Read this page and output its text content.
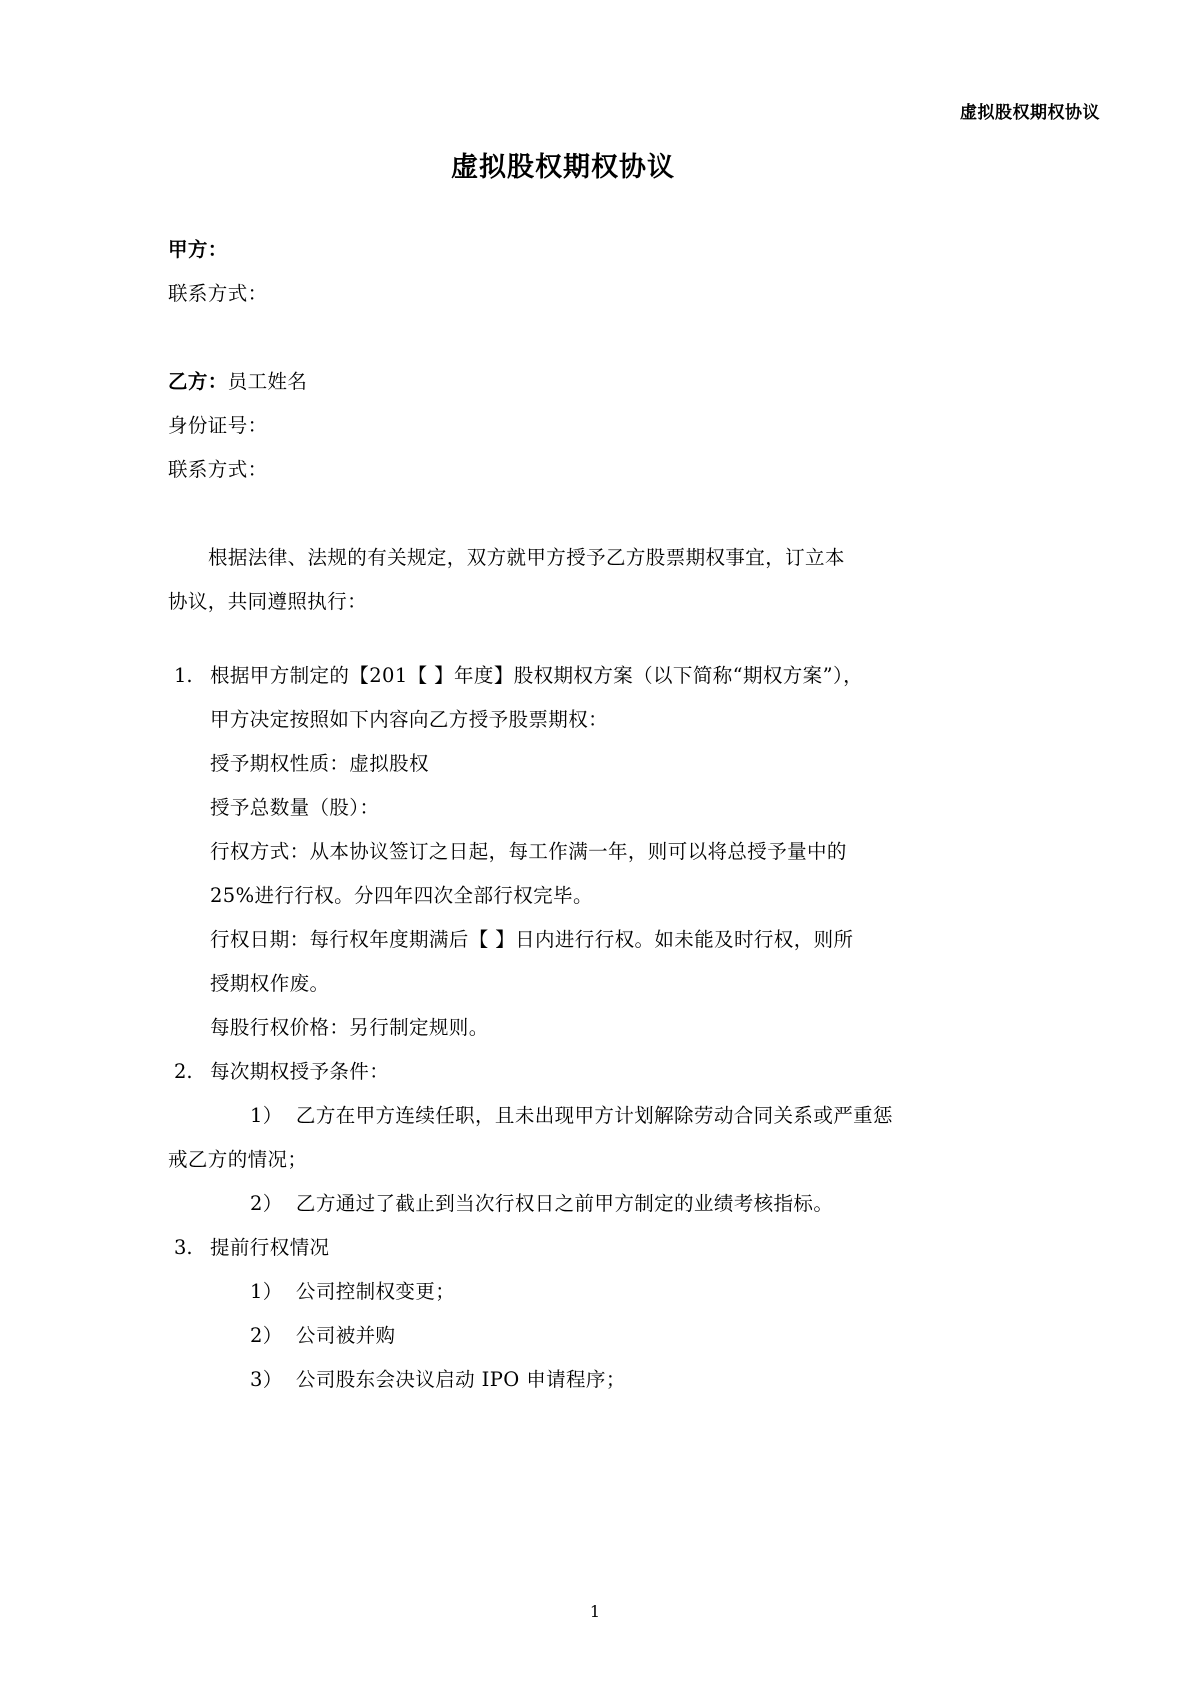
虚拟股权期权协议
虚拟股权期权协议

甲方：

联系方式：

乙方：员工姓名

身份证号：

联系方式：

根据法律、法规的有关规定，双方就甲方授予乙方股票期权事宜，订立本

协议，共同遵照执行：

根据甲方制定的【201【 】年度】股权期权方案（以下简称“期权方案”），

甲方决定按照如下内容向乙方授予股票期权：

授予期权性质：虚拟股权

授予总数量（股）：

行权方式：从本协议签订之日起，每工作满一年，则可以将总授予量中的

25%进行行权。分四年四次全部行权完毕。

行权日期：每行权年度期满后【 】日内进行行权。如未能及时行权，则所

授期权作废。

每股行权价格：另行制定规则。

每次期权授予条件：

1） 乙方在甲方连续任职，且未出现甲方计划解除劳动合同关系或严重惩

戒乙方的情况；

2） 乙方通过了截止到当次行权日之前甲方制定的业绩考核指标。

提前行权情况

1） 公司控制权变更；

2） 公司被并购

3） 公司股东会决议启动 IPO 申请程序；

1
